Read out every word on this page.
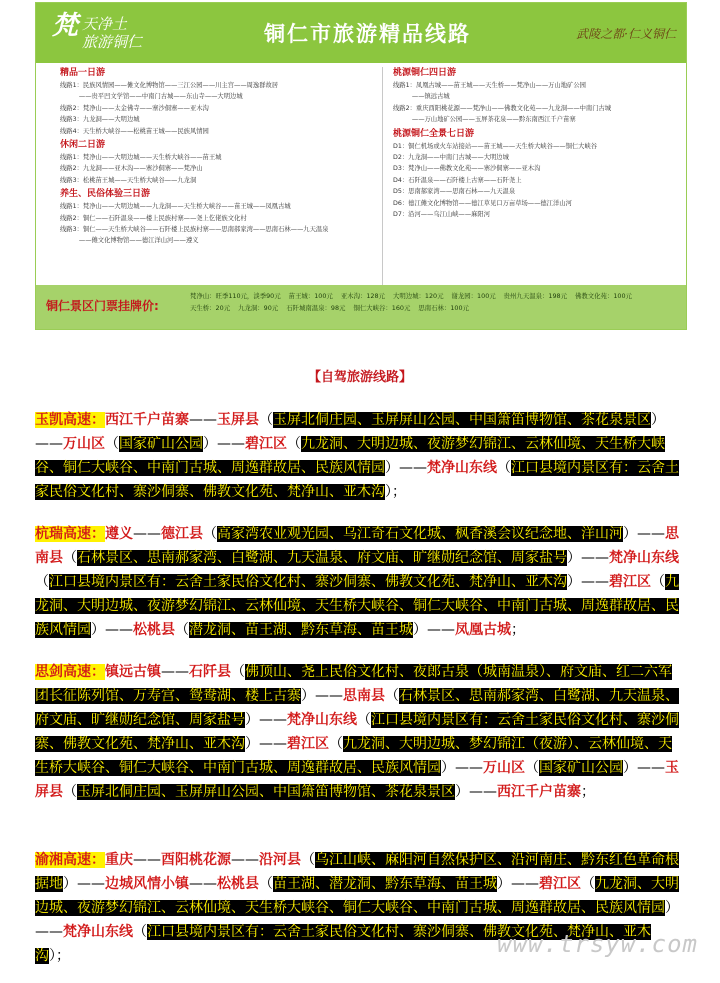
梵 天净土
旅游铜仁	铜仁市旅游精品线路	武陵之都·仁义铜仁
精品一日游
线路1：民族风情园——傩文化博物馆——三江公园——川主宫——周逸群故居
　　　——贵平凹文学馆——中南门古城——东山寺——大明边城
线路2：梵净山——太金佛寺——寨沙侗寨——亚木沟
线路3：九龙洞——大明边城
线路4：天生桥大峡谷——松桃苗王城——民族风情园
休闲二日游
线路1：梵净山——大明边城——天生桥大峡谷——苗王城
线路2：九龙洞——亚木沟——寨沙侗寨——梵净山
线路3：松桃苗王城——天生桥大峡谷——九龙洞
养生、民俗体验三日游
线路1：梵净山——大明边城——九龙洞——天生桥大峡谷——苗王城——凤凰古城
线路2：铜仁——石阡温泉——楼上民族村寨——尧上仡佬族文化村
线路3：铜仁——天生桥大峡谷——石阡楼上民族村寨——思南郝家湾——思南石林——九天温泉
　　　——傩文化博物馆——德江洋山河——遵义
桃源铜仁四日游
线路1：凤凰古城——苗王城——天生桥——梵净山——万山地矿公园
　　　——镇远古城
线路2：重庆酉阳桃花源——梵净山——佛教文化苑——九龙洞——中南门古城
　　　——万山地矿公园——玉屏茶花泉——黔东南西江千户苗寨
桃源铜仁全景七日游
D1：铜仁机场或火车站接站——苗王城——天生桥大峡谷——铜仁大峡谷
D2：九龙洞——中南门古城——大明边城
D3：梵净山——佛教文化苑——寨沙侗寨——亚木沟
D4：石阡温泉——石阡楼上古寨——石阡尧上
D5：思南郝家湾——思南石林——九天温泉
D6：德江傩文化博物馆——德江草见口万亩草场——德江洋山河
D7：沿河——乌江山峡——麻阳河
铜仁景区门票挂牌价:
梵净山：旺季110元，淡季90元 苗王城：100元 亚木沟：128元 大明边城：120元 谢龙园：100元 贵州九天温泉：198元 佛教文化苑：100元天生桥：20元 九龙洞：90元 石阡城南温泉：98元 铜仁大峡谷：160元 思南石林：100元
【自驾旅游线路】
玉凯高速：西江千户苗寨——玉屏县（玉屏北侗庄园、玉屏屏山公园、中国箫笛博物馆、茶花泉景区）——万山区（国家矿山公园）——碧江区（九龙洞、大明边城、夜游梦幻锦江、云林仙境、天生桥大峡谷、铜仁大峡谷、中南门古城、周逸群故居、民族风情园）——梵净山东线（江口县境内景区有：云舍土家民俗文化村、寨沙侗寨、佛教文化苑、梵净山、亚木沟）；
杭瑞高速：遵义——德江县（高家湾农业观光园、乌江奇石文化城、枫香溪会议纪念地、洋山河）——思南县（石林景区、思南郝家湾、白鹭湖、九天温泉、府文庙、旷继勋纪念馆、周家盐号）——梵净山东线（江口县境内景区有：云舍土家民俗文化村、寨沙侗寨、佛教文化苑、梵净山、亚木沟）——碧江区（九龙洞、大明边城、夜游梦幻锦江、云林仙境、天生桥大峡谷、铜仁大峡谷、中南门古城、周逸群故居、民族风情园）——松桃县（潜龙洞、苗王湖、黔东草海、苗王城）——凤凰古城；
思剑高速：镇远古镇——石阡县（佛顶山、尧上民俗文化村、夜郎古泉（城南温泉）、府文庙、红二六军团长征陈列馆、万寿宫、鸳鸯湖、楼上古寨）——思南县（石林景区、思南郝家湾、白鹭湖、九天温泉、府文庙、旷继勋纪念馆、周家盐号）——梵净山东线（江口县境内景区有：云舍土家民俗文化村、寨沙侗寨、佛教文化苑、梵净山、亚木沟）——碧江区（九龙洞、大明边城、梦幻锦江（夜游）、云林仙境、天生桥大峡谷、铜仁大峡谷、中南门古城、周逸群故居、民族风情园）——万山区（国家矿山公园）——玉屏县（玉屏北侗庄园、玉屏屏山公园、中国箫笛博物馆、茶花泉景区）——西江千户苗寨；
渝湘高速：重庆——酉阳桃花源——沿河县（乌江山峡、麻阳河自然保护区、沿河南庄、黔东红色革命根据地）——边城风情小镇——松桃县（苗王湖、潜龙洞、黔东草海、苗王城）——碧江区（九龙洞、大明边城、夜游梦幻锦江、云林仙境、天生桥大峡谷、铜仁大峡谷、中南门古城、周逸群故居、民族风情园）——梵净山东线（江口县境内景区有：云舍土家民俗文化村、寨沙侗寨、佛教文化苑、梵净山、亚木沟）；	www.trsyw.com
